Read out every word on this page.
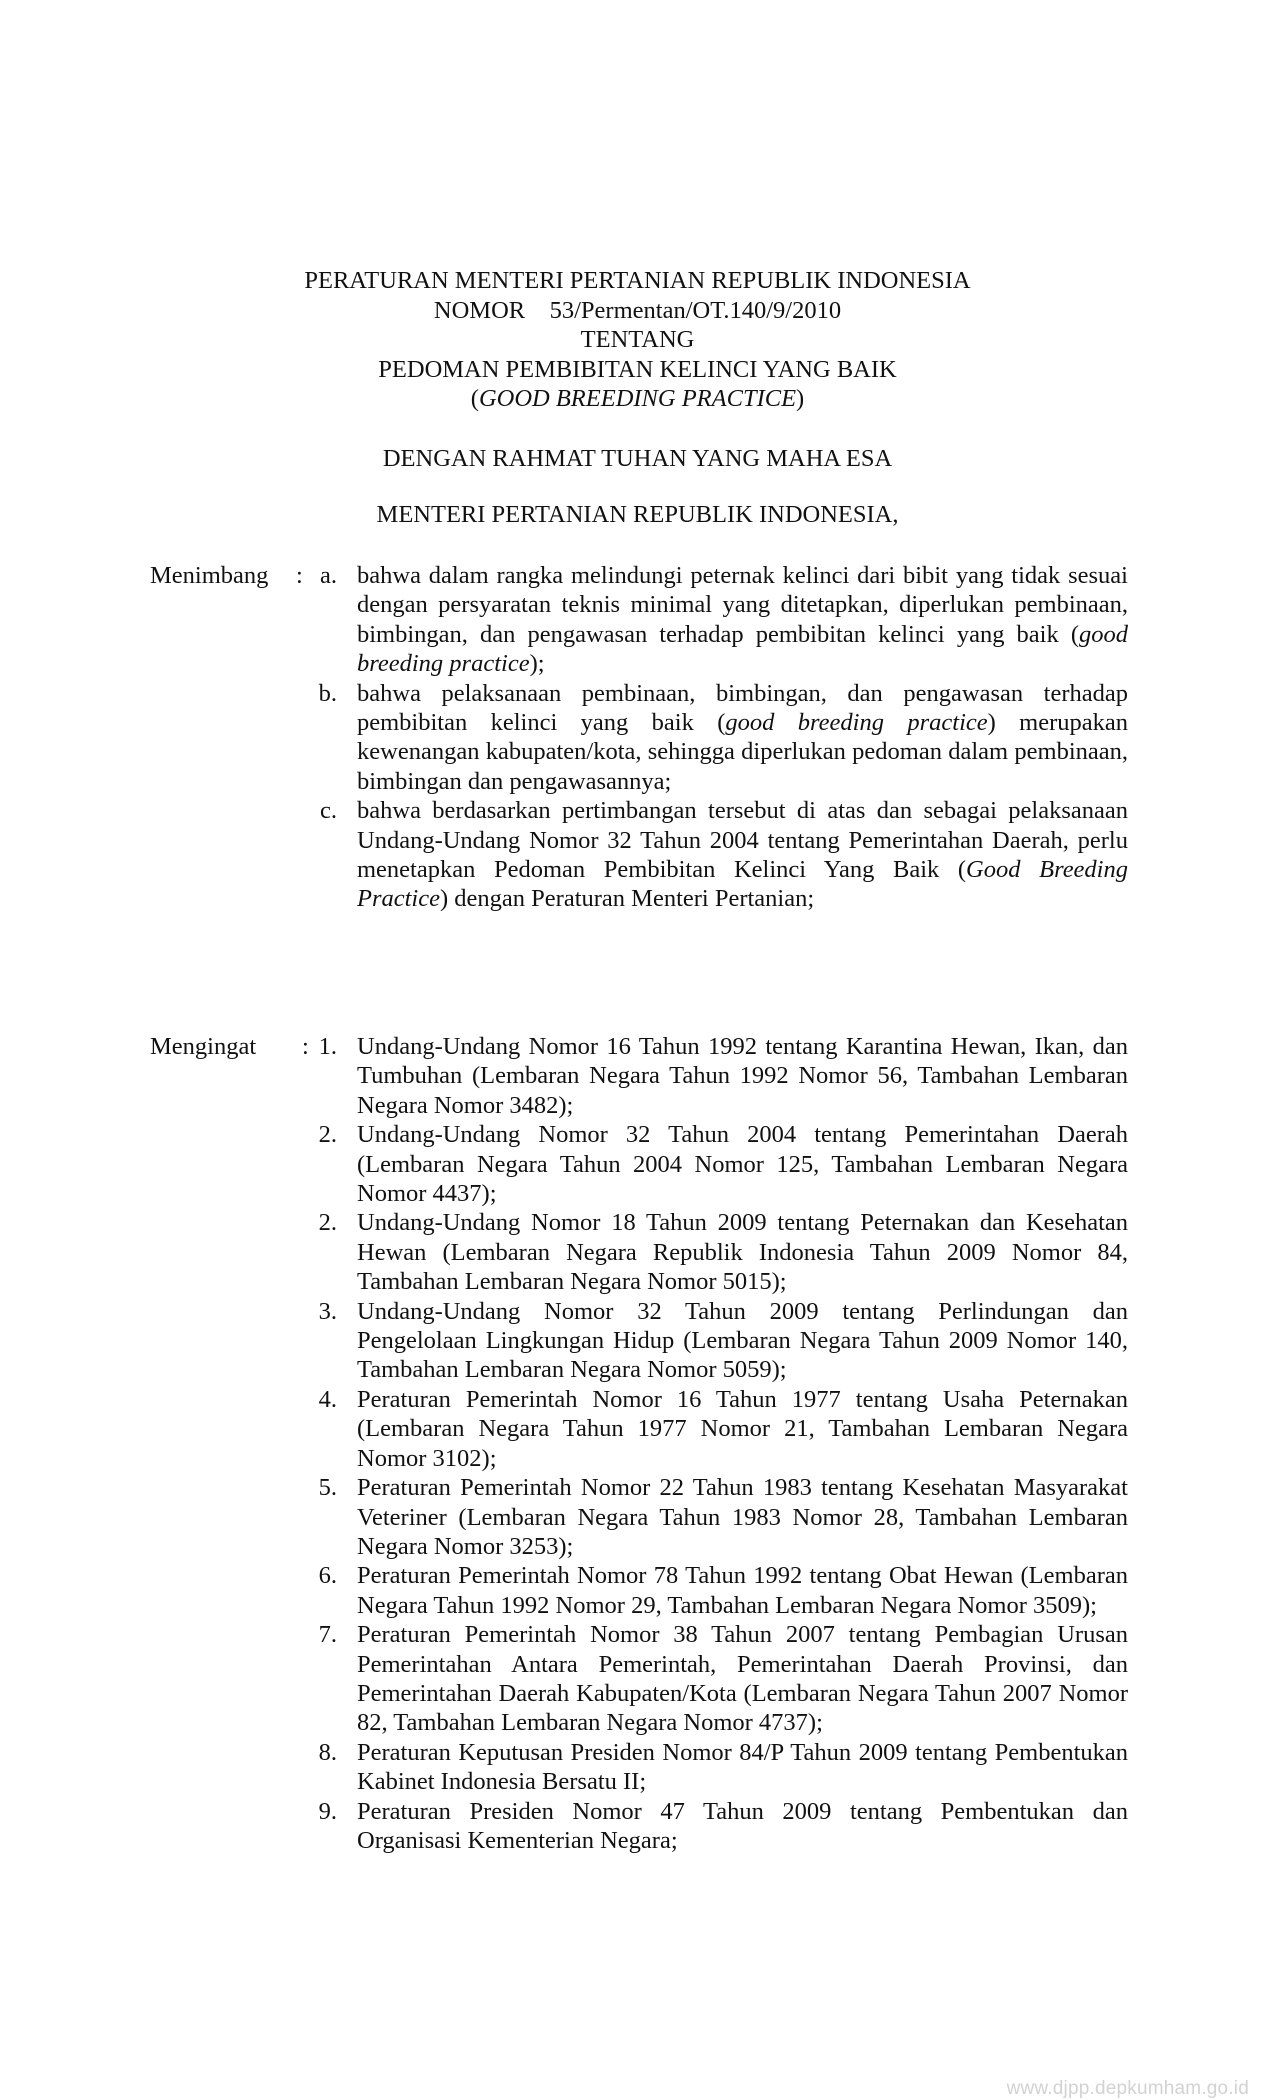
PERATURAN MENTERI PERTANIAN REPUBLIK INDONESIA
NOMOR    53/Permentan/OT.140/9/2010
TENTANG
PEDOMAN PEMBIBITAN KELINCI YANG BAIK
(GOOD BREEDING PRACTICE)
DENGAN RAHMAT TUHAN YANG MAHA ESA
MENTERI PERTANIAN REPUBLIK INDONESIA,
Menimbang : a. bahwa dalam rangka melindungi peternak kelinci dari bibit yang tidak sesuai dengan persyaratan teknis minimal yang ditetapkan, diperlukan pembinaan, bimbingan, dan pengawasan terhadap pembibitan kelinci yang baik (good breeding practice);
b. bahwa pelaksanaan pembinaan, bimbingan, dan pengawasan terhadap pembibitan kelinci yang baik (good breeding practice) merupakan kewenangan kabupaten/kota, sehingga diperlukan pedoman dalam pembinaan, bimbingan dan pengawasannya;
c. bahwa berdasarkan pertimbangan tersebut di atas dan sebagai pelaksanaan Undang-Undang Nomor 32 Tahun 2004 tentang Pemerintahan Daerah, perlu menetapkan Pedoman Pembibitan Kelinci Yang Baik (Good Breeding Practice) dengan Peraturan Menteri Pertanian;
Mengingat : 1. Undang-Undang Nomor 16 Tahun 1992 tentang Karantina Hewan, Ikan, dan Tumbuhan (Lembaran Negara Tahun 1992 Nomor 56, Tambahan Lembaran Negara Nomor 3482);
2. Undang-Undang Nomor 32 Tahun 2004 tentang Pemerintahan Daerah (Lembaran Negara Tahun 2004 Nomor 125, Tambahan Lembaran Negara Nomor 4437);
2. Undang-Undang Nomor 18 Tahun 2009 tentang Peternakan dan Kesehatan Hewan (Lembaran Negara Republik Indonesia Tahun 2009 Nomor 84, Tambahan Lembaran Negara Nomor 5015);
3. Undang-Undang Nomor 32 Tahun 2009 tentang Perlindungan dan Pengelolaan Lingkungan Hidup (Lembaran Negara Tahun 2009 Nomor 140, Tambahan Lembaran Negara Nomor 5059);
4. Peraturan Pemerintah Nomor 16 Tahun 1977 tentang Usaha Peternakan (Lembaran Negara Tahun 1977 Nomor 21, Tambahan Lembaran Negara Nomor 3102);
5. Peraturan Pemerintah Nomor 22 Tahun 1983 tentang Kesehatan Masyarakat Veteriner (Lembaran Negara Tahun 1983 Nomor 28, Tambahan Lembaran Negara Nomor 3253);
6. Peraturan Pemerintah Nomor 78 Tahun 1992 tentang Obat Hewan (Lembaran Negara Tahun 1992 Nomor 29, Tambahan Lembaran Negara Nomor 3509);
7. Peraturan Pemerintah Nomor 38 Tahun 2007 tentang Pembagian Urusan Pemerintahan Antara Pemerintah, Pemerintahan Daerah Provinsi, dan Pemerintahan Daerah Kabupaten/Kota (Lembaran Negara Tahun 2007 Nomor 82, Tambahan Lembaran Negara Nomor 4737);
8. Peraturan Keputusan Presiden Nomor 84/P Tahun 2009 tentang Pembentukan Kabinet Indonesia Bersatu II;
9. Peraturan Presiden Nomor 47 Tahun 2009 tentang Pembentukan dan Organisasi Kementerian Negara;
www.djpp.depkumham.go.id
